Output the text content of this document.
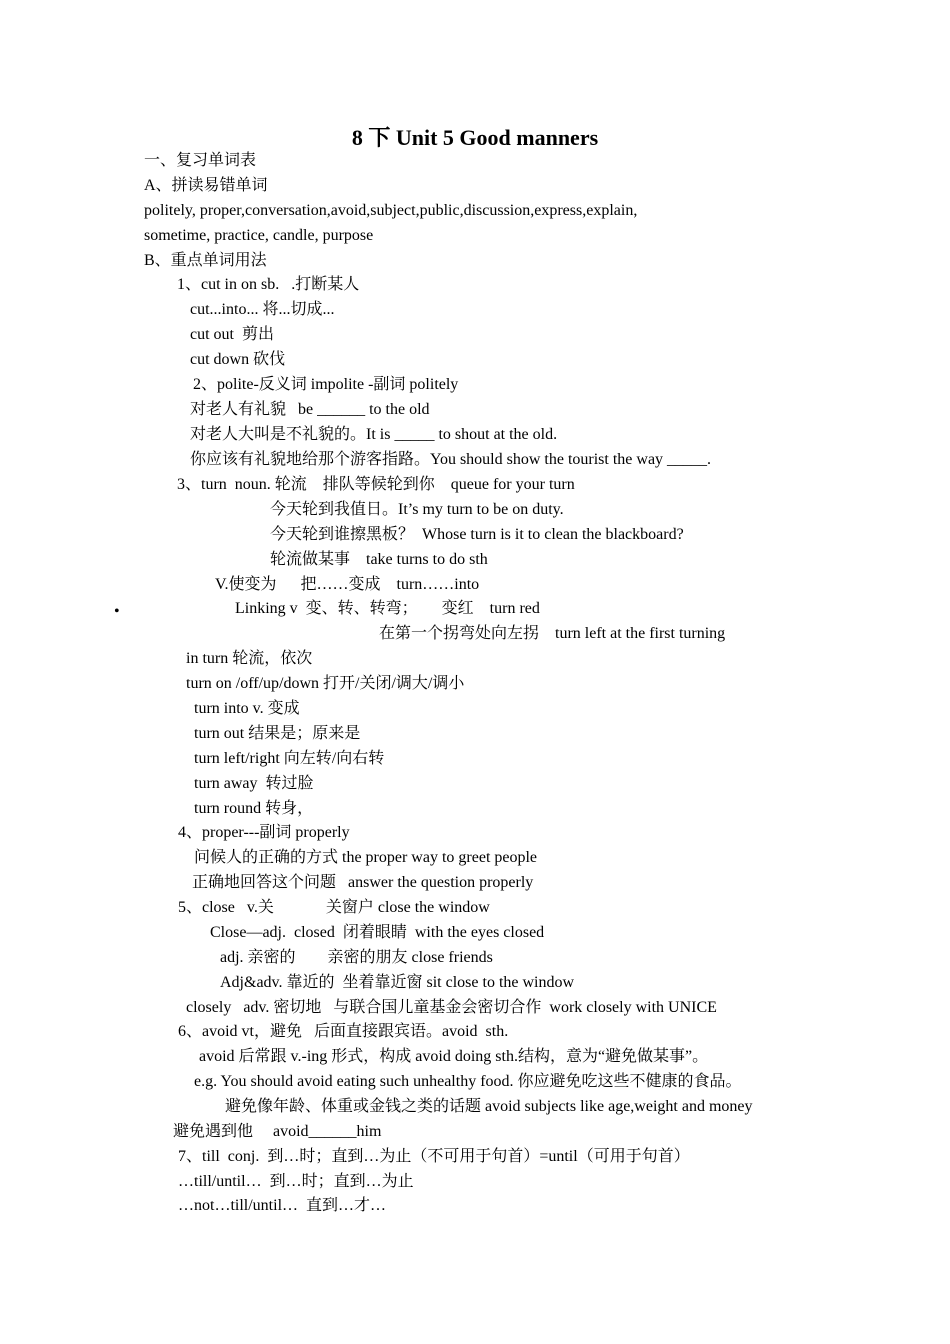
8 下 Unit 5 Good manners
•
一、复习单词表
A、拼读易错单词
politely, proper,conversation,avoid,subject,public,discussion,express,explain,
sometime, practice, candle, purpose
B、重点单词用法
1、cut in on sb.   .打断某人
cut...into... 将...切成...
cut out  剪出
cut down 砍伐
2、polite-反义词 impolite -副词 politely
对老人有礼貌   be ______ to the old
对老人大叫是不礼貌的。It is _____ to shout at the old.
你应该有礼貌地给那个游客指路。You should show the tourist the way _____.
3、turn  noun. 轮流    排队等候轮到你    queue for your turn
今天轮到我值日。It’s my turn to be on duty.
今天轮到谁擦黑板？  Whose turn is it to clean the blackboard?
轮流做某事    take turns to do sth
V.使变为      把……变成    turn……into
Linking v  变、转、转弯；      变红    turn red
在第一个拐弯处向左拐    turn left at the first turning
in turn 轮流，依次
turn on /off/up/down 打开/关闭/调大/调小
turn into v. 变成
turn out 结果是；原来是
turn left/right 向左转/向右转
turn away  转过脸
turn round 转身，
4、proper---副词 properly
问候人的正确的方式 the proper way to greet people
正确地回答这个问题   answer the question properly
5、close   v.关             关窗户 close the window
Close—adj.  closed  闭着眼睛  with the eyes closed
adj. 亲密的        亲密的朋友 close friends
Adj&adv. 靠近的  坐着靠近窗 sit close to the window
closely   adv. 密切地   与联合国儿童基金会密切合作  work closely with UNICE
6、avoid vt，避免   后面直接跟宾语。avoid  sth.
avoid 后常跟 v.-ing 形式，构成 avoid doing sth.结构，意为“避免做某事”。
e.g. You should avoid eating such unhealthy food. 你应避免吃这些不健康的食品。
避免像年龄、体重或金钱之类的话题 avoid subjects like age,weight and money
避免遇到他     avoid______him
7、till  conj.  到…时；直到…为止（不可用于句首）=until（可用于句首）
…till/until…  到…时；直到…为止
…not…till/until…  直到…才…
